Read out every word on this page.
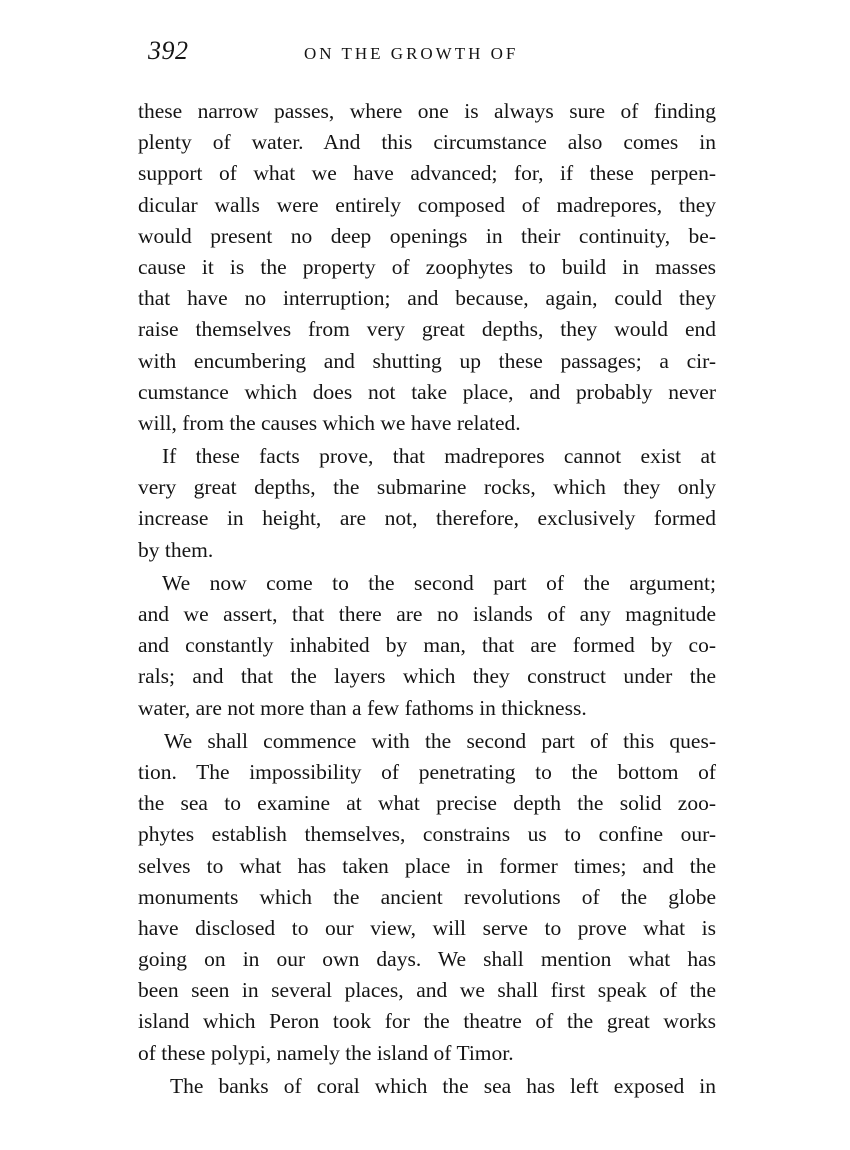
392	ON THE GROWTH OF
these narrow passes, where one is always sure of finding
plenty of water. And this circumstance also comes in
support of what we have advanced; for, if these perpen-
dicular walls were entirely composed of madrepores, they
would present no deep openings in their continuity, be-
cause it is the property of zoophytes to build in masses
that have no interruption; and because, again, could they
raise themselves from very great depths, they would end
with encumbering and shutting up these passages; a cir-
cumstance which does not take place, and probably never
will, from the causes which we have related.
If these facts prove, that madrepores cannot exist at
very great depths, the submarine rocks, which they only
increase in height, are not, therefore, exclusively formed
by them.
We now come to the second part of the argument;
and we assert, that there are no islands of any magnitude
and constantly inhabited by man, that are formed by co-
rals; and that the layers which they construct under the
water, are not more than a few fathoms in thickness.
We shall commence with the second part of this ques-
tion. The impossibility of penetrating to the bottom of
the sea to examine at what precise depth the solid zoo-
phytes establish themselves, constrains us to confine our-
selves to what has taken place in former times; and the
monuments which the ancient revolutions of the globe
have disclosed to our view, will serve to prove what is
going on in our own days. We shall mention what has
been seen in several places, and we shall first speak of the
island which Peron took for the theatre of the great works
of these polypi, namely the island of Timor.
The banks of coral which the sea has left exposed in
